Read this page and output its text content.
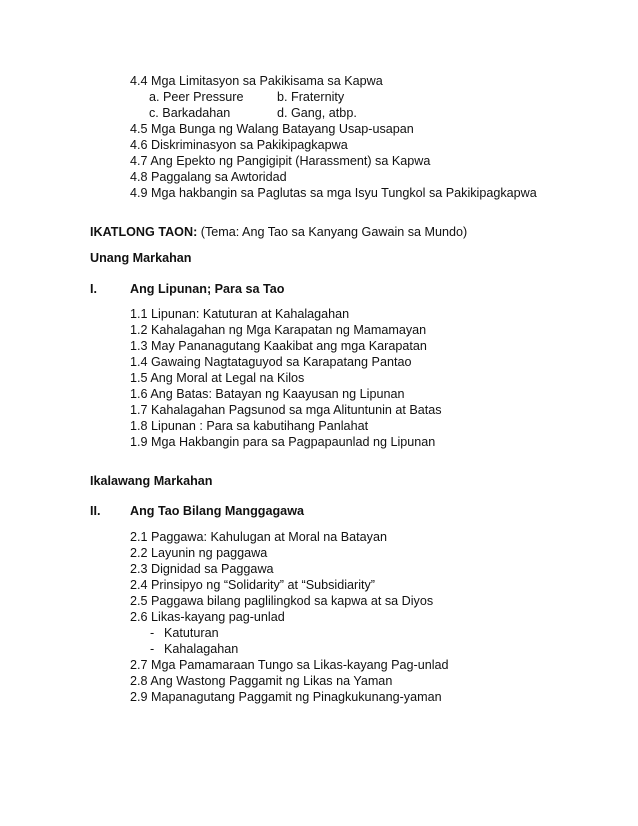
4.4 Mga Limitasyon sa Pakikisama sa Kapwa
a. Peer Pressure	b. Fraternity
c. Barkadahan	d. Gang, atbp.
4.5 Mga Bunga ng Walang Batayang Usap-usapan
4.6 Diskriminasyon sa Pakikipagkapwa
4.7 Ang Epekto ng Pangigipit (Harassment) sa Kapwa
4.8 Paggalang sa Awtoridad
4.9 Mga hakbangin sa Paglutas sa mga Isyu Tungkol sa Pakikipagkapwa
IKATLONG TAON: (Tema: Ang Tao sa Kanyang Gawain sa Mundo)
Unang Markahan
I.	Ang Lipunan; Para sa Tao
1.1 Lipunan: Katuturan at Kahalagahan
1.2 Kahalagahan ng Mga Karapatan ng Mamamayan
1.3 May Pananagutang Kaakibat ang mga Karapatan
1.4 Gawaing Nagtataguyod sa Karapatang Pantao
1.5 Ang Moral at Legal na Kilos
1.6 Ang Batas: Batayan ng Kaayusan ng Lipunan
1.7 Kahalagahan Pagsunod sa mga Alituntunin at Batas
1.8 Lipunan : Para sa kabutihang Panlahat
1.9 Mga Hakbangin para sa Pagpapaunlad ng Lipunan
Ikalawang Markahan
II. Ang Tao Bilang Manggagawa
2.1 Paggawa: Kahulugan at Moral na Batayan
2.2 Layunin ng paggawa
2.3 Dignidad sa Paggawa
2.4 Prinsipyo ng “Solidarity” at “Subsidiarity”
2.5 Paggawa bilang paglilingkod sa kapwa at sa Diyos
2.6 Likas-kayang pag-unlad
- Katuturan
- Kahalagahan
2.7 Mga Pamamaraan Tungo sa Likas-kayang Pag-unlad
2.8 Ang Wastong Paggamit ng Likas na Yaman
2.9 Mapanagutang Paggamit ng Pinagkukunang-yaman
